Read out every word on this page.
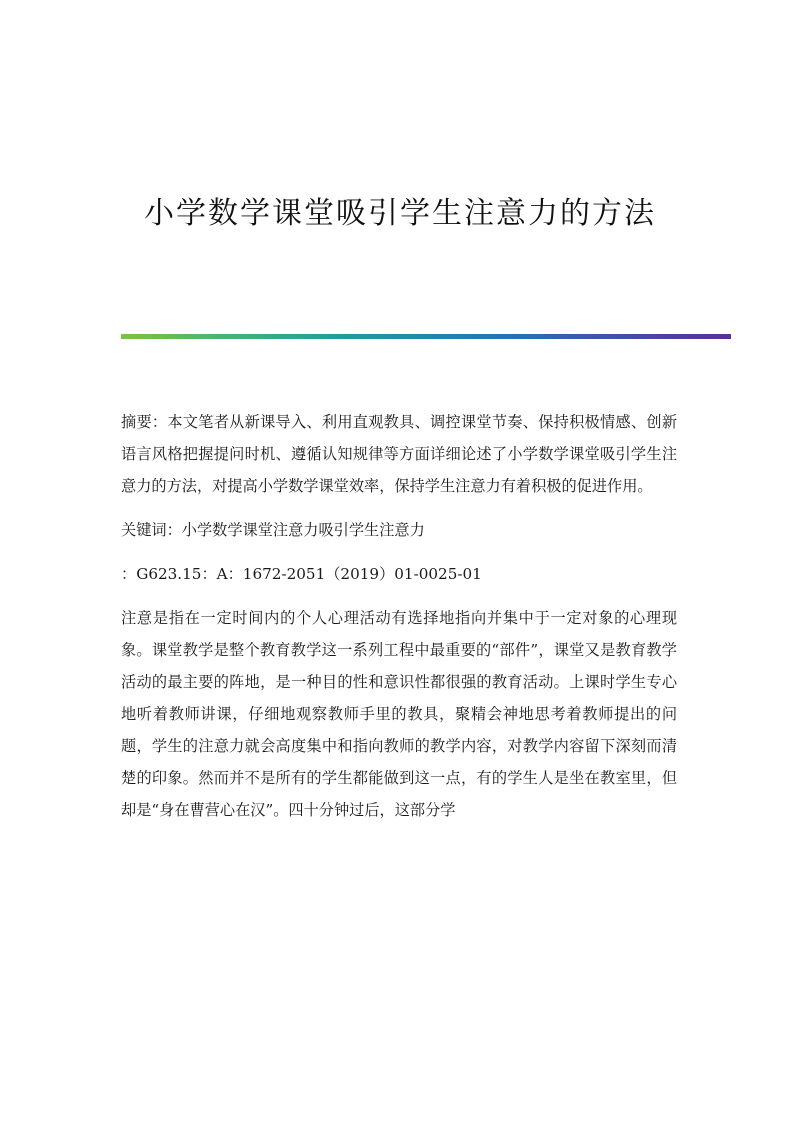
小学数学课堂吸引学生注意力的方法

摘要：本文笔者从新课导入、利用直观教具、调控课堂节奏、保持积极情感、创新语言风格把握提问时机、遵循认知规律等方面详细论述了小学数学课堂吸引学生注意力的方法，对提高小学数学课堂效率，保持学生注意力有着积极的促进作用。

关键词：小学数学课堂注意力吸引学生注意力

：G623.15：A：1672-2051（2019）01-0025-01

注意是指在一定时间内的个人心理活动有选择地指向并集中于一定对象的心理现象。课堂教学是整个教育教学这一系列工程中最重要的“部件”，课堂又是教育教学活动的最主要的阵地，是一种目的性和意识性都很强的教育活动。上课时学生专心地听着教师讲课，仔细地观察教师手里的教具，聚精会神地思考着教师提出的问题，学生的注意力就会高度集中和指向教师的教学内容，对教学内容留下深刻而清楚的印象。然而并不是所有的学生都能做到这一点，有的学生人是坐在教室里，但却是“身在曹营心在汉”。四十分钟过后，这部分学
